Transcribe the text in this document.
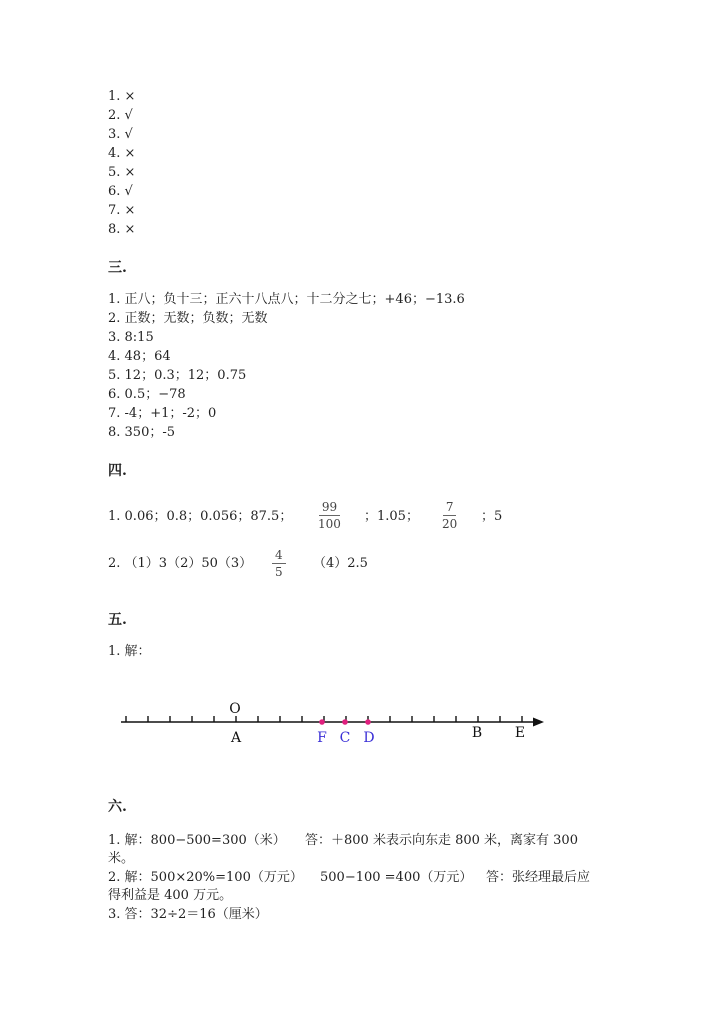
1. ×
2. √
3. √
4. ×
5. ×
6. √
7. ×
8. ×
三.
1. 正八；负十三；正六十八点八；十二分之七；+46；−13.6
2. 正数；无数；负数；无数
3. 8:15
4. 48；64
5. 12；0.3；12；0.75
6. 0.5；−78
7. -4；+1；-2；0
8. 350；-5
四.
1. 0.06；0.8；0.056；87.5； $\frac{99}{100}$ ；1.05； $\frac{7}{20}$ ；5
2. $(1)3(2)50(3) \frac{4}{5} (4)2.5$
五.
1. 解：
O
A	F C D	B E
六.
1. 解：800−500=300（米） 答：＋800 米表示向东走 800 米，离家有 300
米。
2. 解：500×20%=100（万元） 500−100 =400（万元） 答：张经理最后应
得利益是 400 万元。
3. 答：32÷2＝16（厘米）
